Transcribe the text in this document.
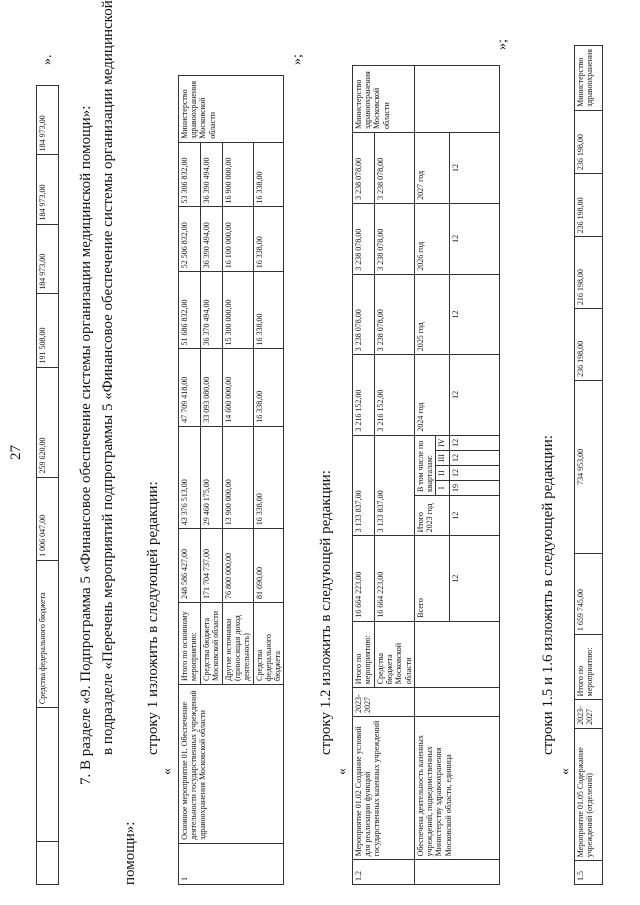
		Средства федерального бюджета	1 006 047,00	259 620,00	191 508,00	184 973,00	184 973,00	184 973,00
».
27	7. В разделе «9. Подпрограмма 5 «Финансовое обеспечение системы организации медицинской помощи»: в подразделе «Перечень мероприятий подпрограммы 5 «Финансовое обеспечение системы организации медицинской
помощи»:
строку 1 изложить в следующей редакции:
«
1	Основное мероприятие 01. Обеспечение деятельности государственных учреждений здравоохранения Московской области	Итого по основному мероприятию:	248 586 427,00	43 376 513,00	47 709 418,00	51 686 832,00	52 506 832,00	53 306 832,00	Министерство здравоохранения Московской области
		Средства бюджета Московской области	171 704 737,00	29 460 175,00	33 093 080,00	36 370 494,00	36 390 494,00	36 390 494,00	
		Другие источники (приносящая доход деятельность)	76 800 000,00	13 900 000,00	14 600 000,00	15 300 000,00	16 100 000,00	16 900 000,00	
		Средства федерального бюджета	81 690,00	16 338,00	16 338,00	16 338,00	16 338,00	16 338,00	
»;
строку 1.2 изложить в следующей редакции:
«
1.2	Мероприятие 01.02 Создание условий для реализации функций государственных казенных учреждений	2023-2027	Итого по мероприятию:	16 664 223,00	3 133 837,00					3 216 152,00	3 238 078,00	3 238 078,00	3 238 078,00	Министерство здравоохранения Московской области
			Средства бюджета Московской области	16 664 223,00	3 133 837,00					3 216 152,00	3 238 078,00	3 238 078,00	3 238 078,00	
	Обеспечена деятельность казенных учреждений, подведомственных Министерству здравоохранения Московской области, единица			Всего	Итого 2023 год	В том числе по кварталам:				2024 год	2025 год	2026 год	2027 год	
						I	II	III	IV					
				12	12	19	12	12	12	12	12	12	12	
»;
строки 1.5 и 1.6 изложить в следующей редакции:
«
1.5	Мероприятие 01.05 Содержание учреждений (отделений)	2023-2027	Итого по мероприятию:	1 659 745,00	734 953,00	236 198,00	216 198,00	236 198,00	236 198,00	Министерство здравоохранения
